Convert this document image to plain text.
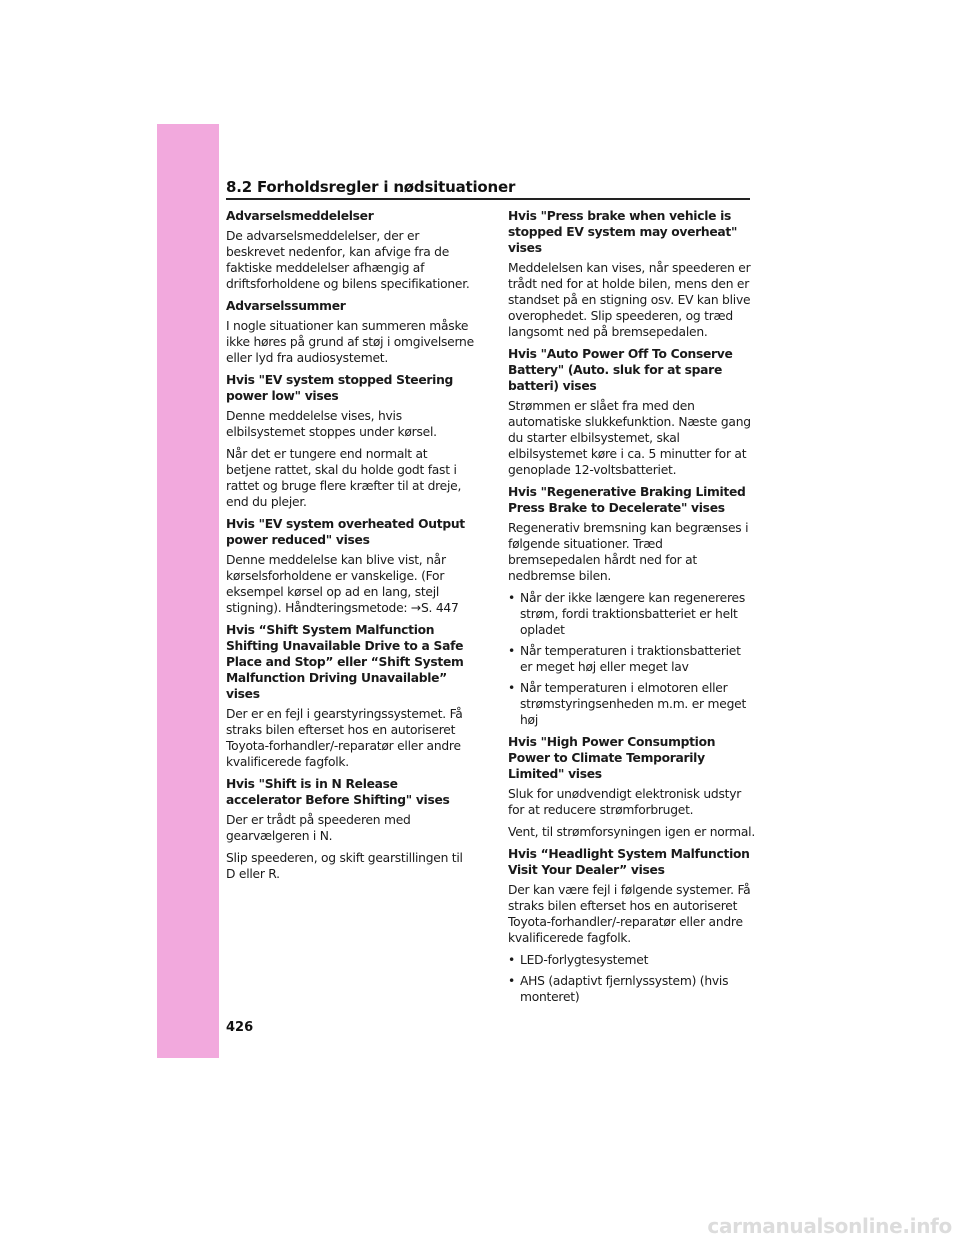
8.2 Forholdsregler i nødsituationer
Advarselsmeddelelser

De advarselsmeddelelser, der er beskrevet nedenfor, kan afvige fra de faktiske meddelelser afhængig af driftsforholdene og bilens specifikationer.

Advarselssummer

I nogle situationer kan summeren måske ikke høres på grund af støj i omgivelserne eller lyd fra audiosystemet.

Hvis "EV system stopped Steering power low" vises

Denne meddelelse vises, hvis elbilsystemet stoppes under kørsel.

Når det er tungere end normalt at betjene rattet, skal du holde godt fast i rattet og bruge flere kræfter til at dreje, end du plejer.

Hvis "EV system overheated Output power reduced" vises

Denne meddelelse kan blive vist, når kørselsforholdene er vanskelige. (For eksempel kørsel op ad en lang, stejl stigning). Håndteringsmetode: →S. 447

Hvis “Shift System Malfunction Shifting Unavailable Drive to a Safe Place and Stop” eller “Shift System Malfunction Driving Unavailable” vises

Der er en fejl i gearstyringssystemet. Få straks bilen efterset hos en autoriseret Toyota-forhandler/-reparatør eller andre kvalificerede fagfolk.

Hvis "Shift is in N Release accelerator Before Shifting" vises

Der er trådt på speederen med gearvælgeren i N.

Slip speederen, og skift gearstillingen til D eller R.

Hvis "Press brake when vehicle is stopped EV system may overheat" vises

Meddelelsen kan vises, når speederen er trådt ned for at holde bilen, mens den er standset på en stigning osv. EV kan blive overophedet. Slip speederen, og træd langsomt ned på bremsepedalen.

Hvis "Auto Power Off To Conserve Battery" (Auto. sluk for at spare batteri) vises

Strømmen er slået fra med den automatiske slukkefunktion. Næste gang du starter elbilsystemet, skal elbilsystemet køre i ca. 5 minutter for at genoplade 12-voltsbatteriet.

Hvis "Regenerative Braking Limited Press Brake to Decelerate" vises

Regenerativ bremsning kan begrænses i følgende situationer. Træd bremsepedalen hårdt ned for at nedbremse bilen.

• Når der ikke længere kan regenereres strøm, fordi traktionsbatteriet er helt opladet
• Når temperaturen i traktionsbatteriet er meget høj eller meget lav
• Når temperaturen i elmotoren eller strømstyringsenheden m.m. er meget høj
Hvis "High Power Consumption Power to Climate Temporarily Limited" vises

Sluk for unødvendigt elektronisk udstyr for at reducere strømforbruget.

Vent, til strømforsyningen igen er normal.

Hvis “Headlight System Malfunction Visit Your Dealer” vises

Der kan være fejl i følgende systemer. Få straks bilen efterset hos en autoriseret Toyota-forhandler/-reparatør eller andre kvalificerede fagfolk.

• LED-forlygtesystemet
• AHS (adaptivt fjernlyssystem) (hvis monteret)
426
carmanualsonline.info
